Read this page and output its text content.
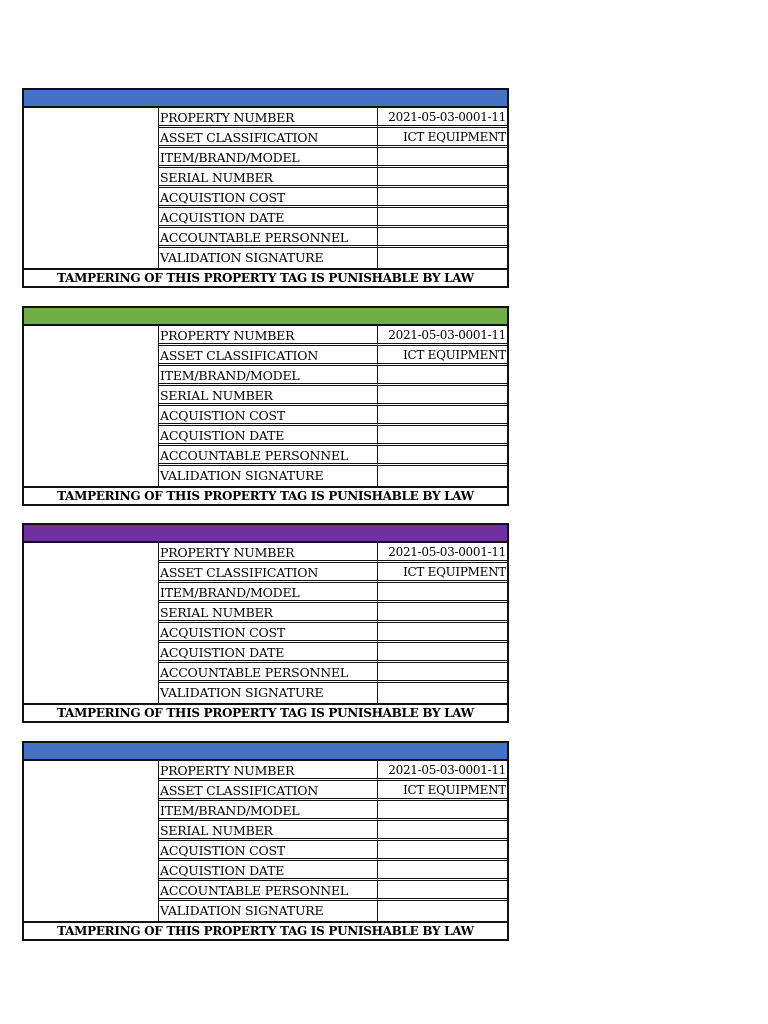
PROPERTY NUMBER	2021-05-03-0001-11
ASSET CLASSIFICATION	ICT EQUIPMENT
ITEM/BRAND/MODEL
SERIAL NUMBER
ACQUISTION COST
ACQUISTION DATE
ACCOUNTABLE PERSONNEL
VALIDATION SIGNATURE
TAMPERING OF THIS PROPERTY TAG IS PUNISHABLE BY LAW
PROPERTY NUMBER	2021-05-03-0001-11
ASSET CLASSIFICATION	ICT EQUIPMENT
ITEM/BRAND/MODEL
SERIAL NUMBER
ACQUISTION COST
ACQUISTION DATE
ACCOUNTABLE PERSONNEL
VALIDATION SIGNATURE
TAMPERING OF THIS PROPERTY TAG IS PUNISHABLE BY LAW
PROPERTY NUMBER	2021-05-03-0001-11
ASSET CLASSIFICATION	ICT EQUIPMENT
ITEM/BRAND/MODEL
SERIAL NUMBER
ACQUISTION COST
ACQUISTION DATE
ACCOUNTABLE PERSONNEL
VALIDATION SIGNATURE
TAMPERING OF THIS PROPERTY TAG IS PUNISHABLE BY LAW
PROPERTY NUMBER	2021-05-03-0001-11
ASSET CLASSIFICATION	ICT EQUIPMENT
ITEM/BRAND/MODEL
SERIAL NUMBER
ACQUISTION COST
ACQUISTION DATE
ACCOUNTABLE PERSONNEL
VALIDATION SIGNATURE
TAMPERING OF THIS PROPERTY TAG IS PUNISHABLE BY LAW
